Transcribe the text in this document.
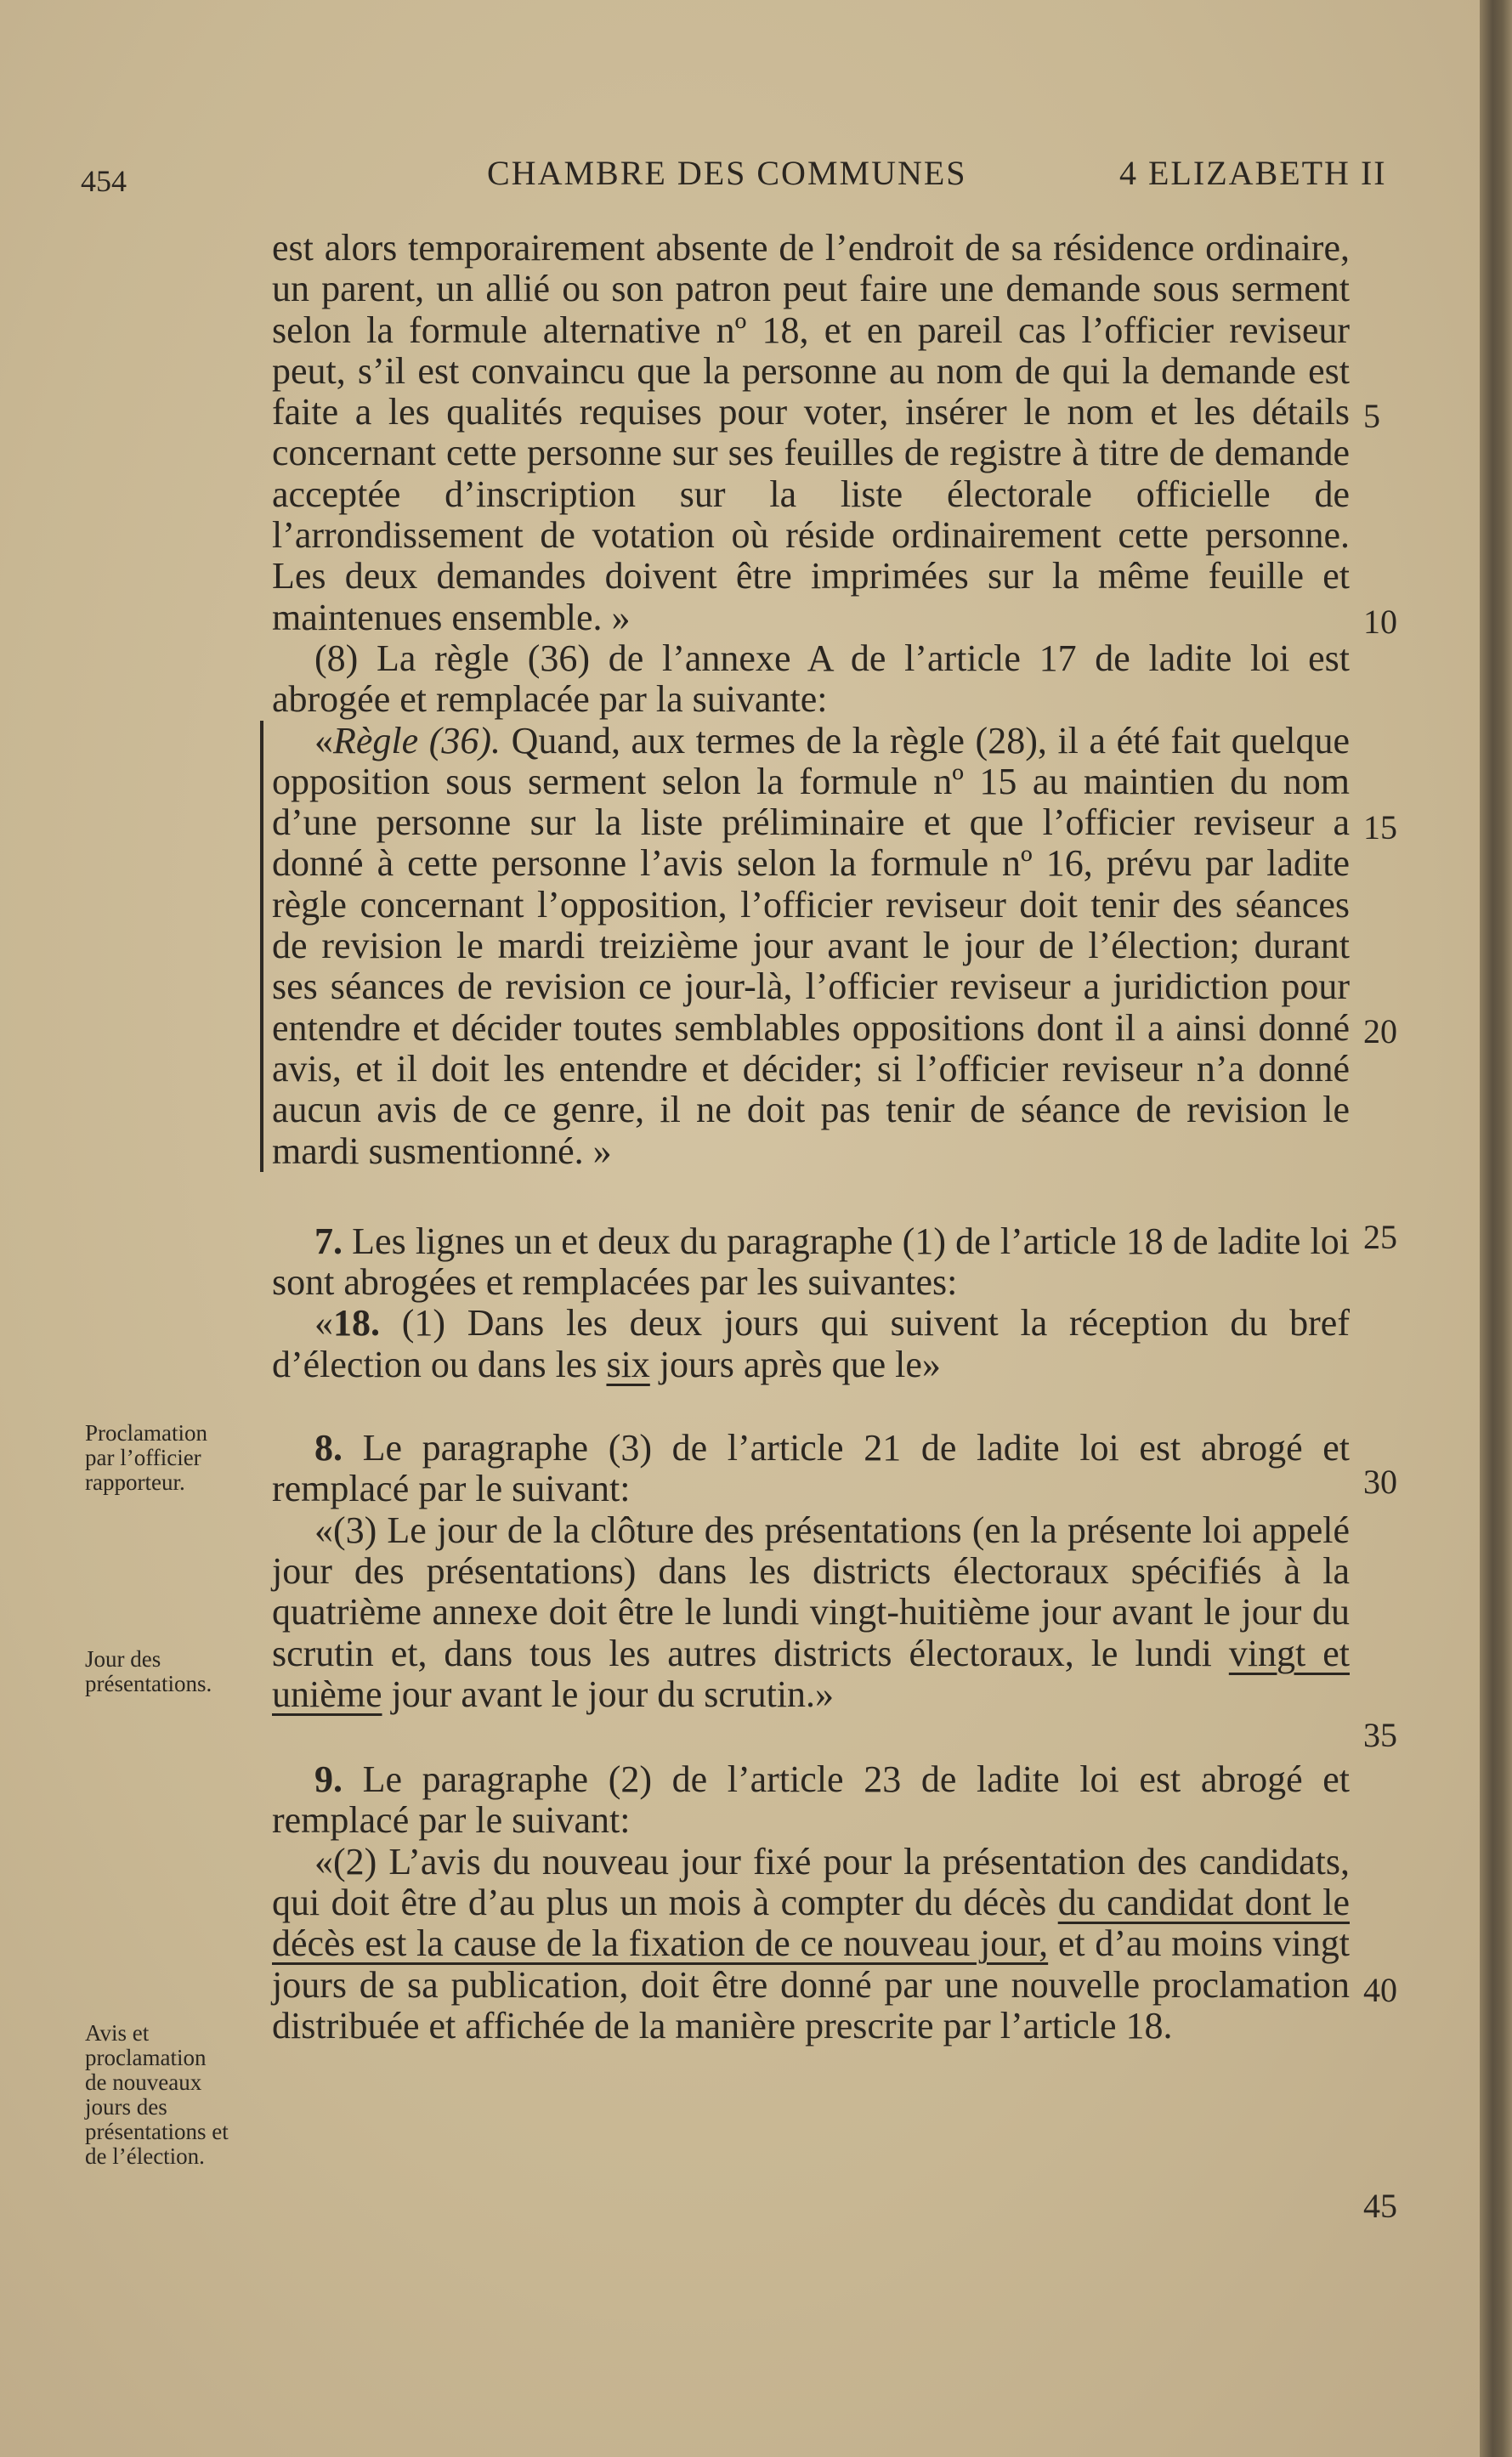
454	CHAMBRE DES COMMUNES	4 ELIZABETH II

est alors temporairement absente de l’endroit de sa résidence ordinaire, un parent, un allié ou son patron peut faire une demande sous serment selon la formule alternative nº 18, et en pareil cas l’officier reviseur peut, s’il est convaincu que la personne au nom de qui la demande est faite a les qualités requises pour voter, insérer le nom et les détails concernant cette personne sur ses feuilles de registre à titre de demande acceptée d’inscription sur la liste électorale officielle de l’arrondissement de votation où réside ordinairement cette personne. Les deux demandes doivent être imprimées sur la même feuille et maintenues ensemble. »

(8) La règle (36) de l’annexe A de l’article 17 de ladite loi est abrogée et remplacée par la suivante:

«Règle (36). Quand, aux termes de la règle (28), il a été fait quelque opposition sous serment selon la formule nº 15 au maintien du nom d’une personne sur la liste préliminaire et que l’officier reviseur a donné à cette personne l’avis selon la formule nº 16, prévu par ladite règle concernant l’opposition, l’officier reviseur doit tenir des séances de revision le mardi treizième jour avant le jour de l’élection; durant ses séances de revision ce jour-là, l’officier reviseur a juridiction pour entendre et décider toutes semblables oppositions dont il a ainsi donné avis, et il doit les entendre et décider; si l’officier reviseur n’a donné aucun avis de ce genre, il ne doit pas tenir de séance de revision le mardi susmentionné. »

7. Les lignes un et deux du paragraphe (1) de l’article 18 de ladite loi sont abrogées et remplacées par les suivantes:

«18. (1) Dans les deux jours qui suivent la réception du bref d’élection ou dans les six jours après que le»

8. Le paragraphe (3) de l’article 21 de ladite loi est abrogé et remplacé par le suivant:

«(3) Le jour de la clôture des présentations (en la présente loi appelé jour des présentations) dans les districts électoraux spécifiés à la quatrième annexe doit être le lundi vingt-huitième jour avant le jour du scrutin et, dans tous les autres districts électoraux, le lundi vingt et unième jour avant le jour du scrutin.»

9. Le paragraphe (2) de l’article 23 de ladite loi est abrogé et remplacé par le suivant:

«(2) L’avis du nouveau jour fixé pour la présentation des candidats, qui doit être d’au plus un mois à compter du décès du candidat dont le décès est la cause de la fixation de ce nouveau jour, et d’au moins vingt jours de sa publication, doit être donné par une nouvelle proclamation distribuée et affichée de la manière prescrite par l’article 18.

Proclamation par l’officier rapporteur.
Jour des présentations.
Avis et proclamation de nouveaux jours des présentations et de l’élection.
5
10
15
20
25
30
35
40
45
